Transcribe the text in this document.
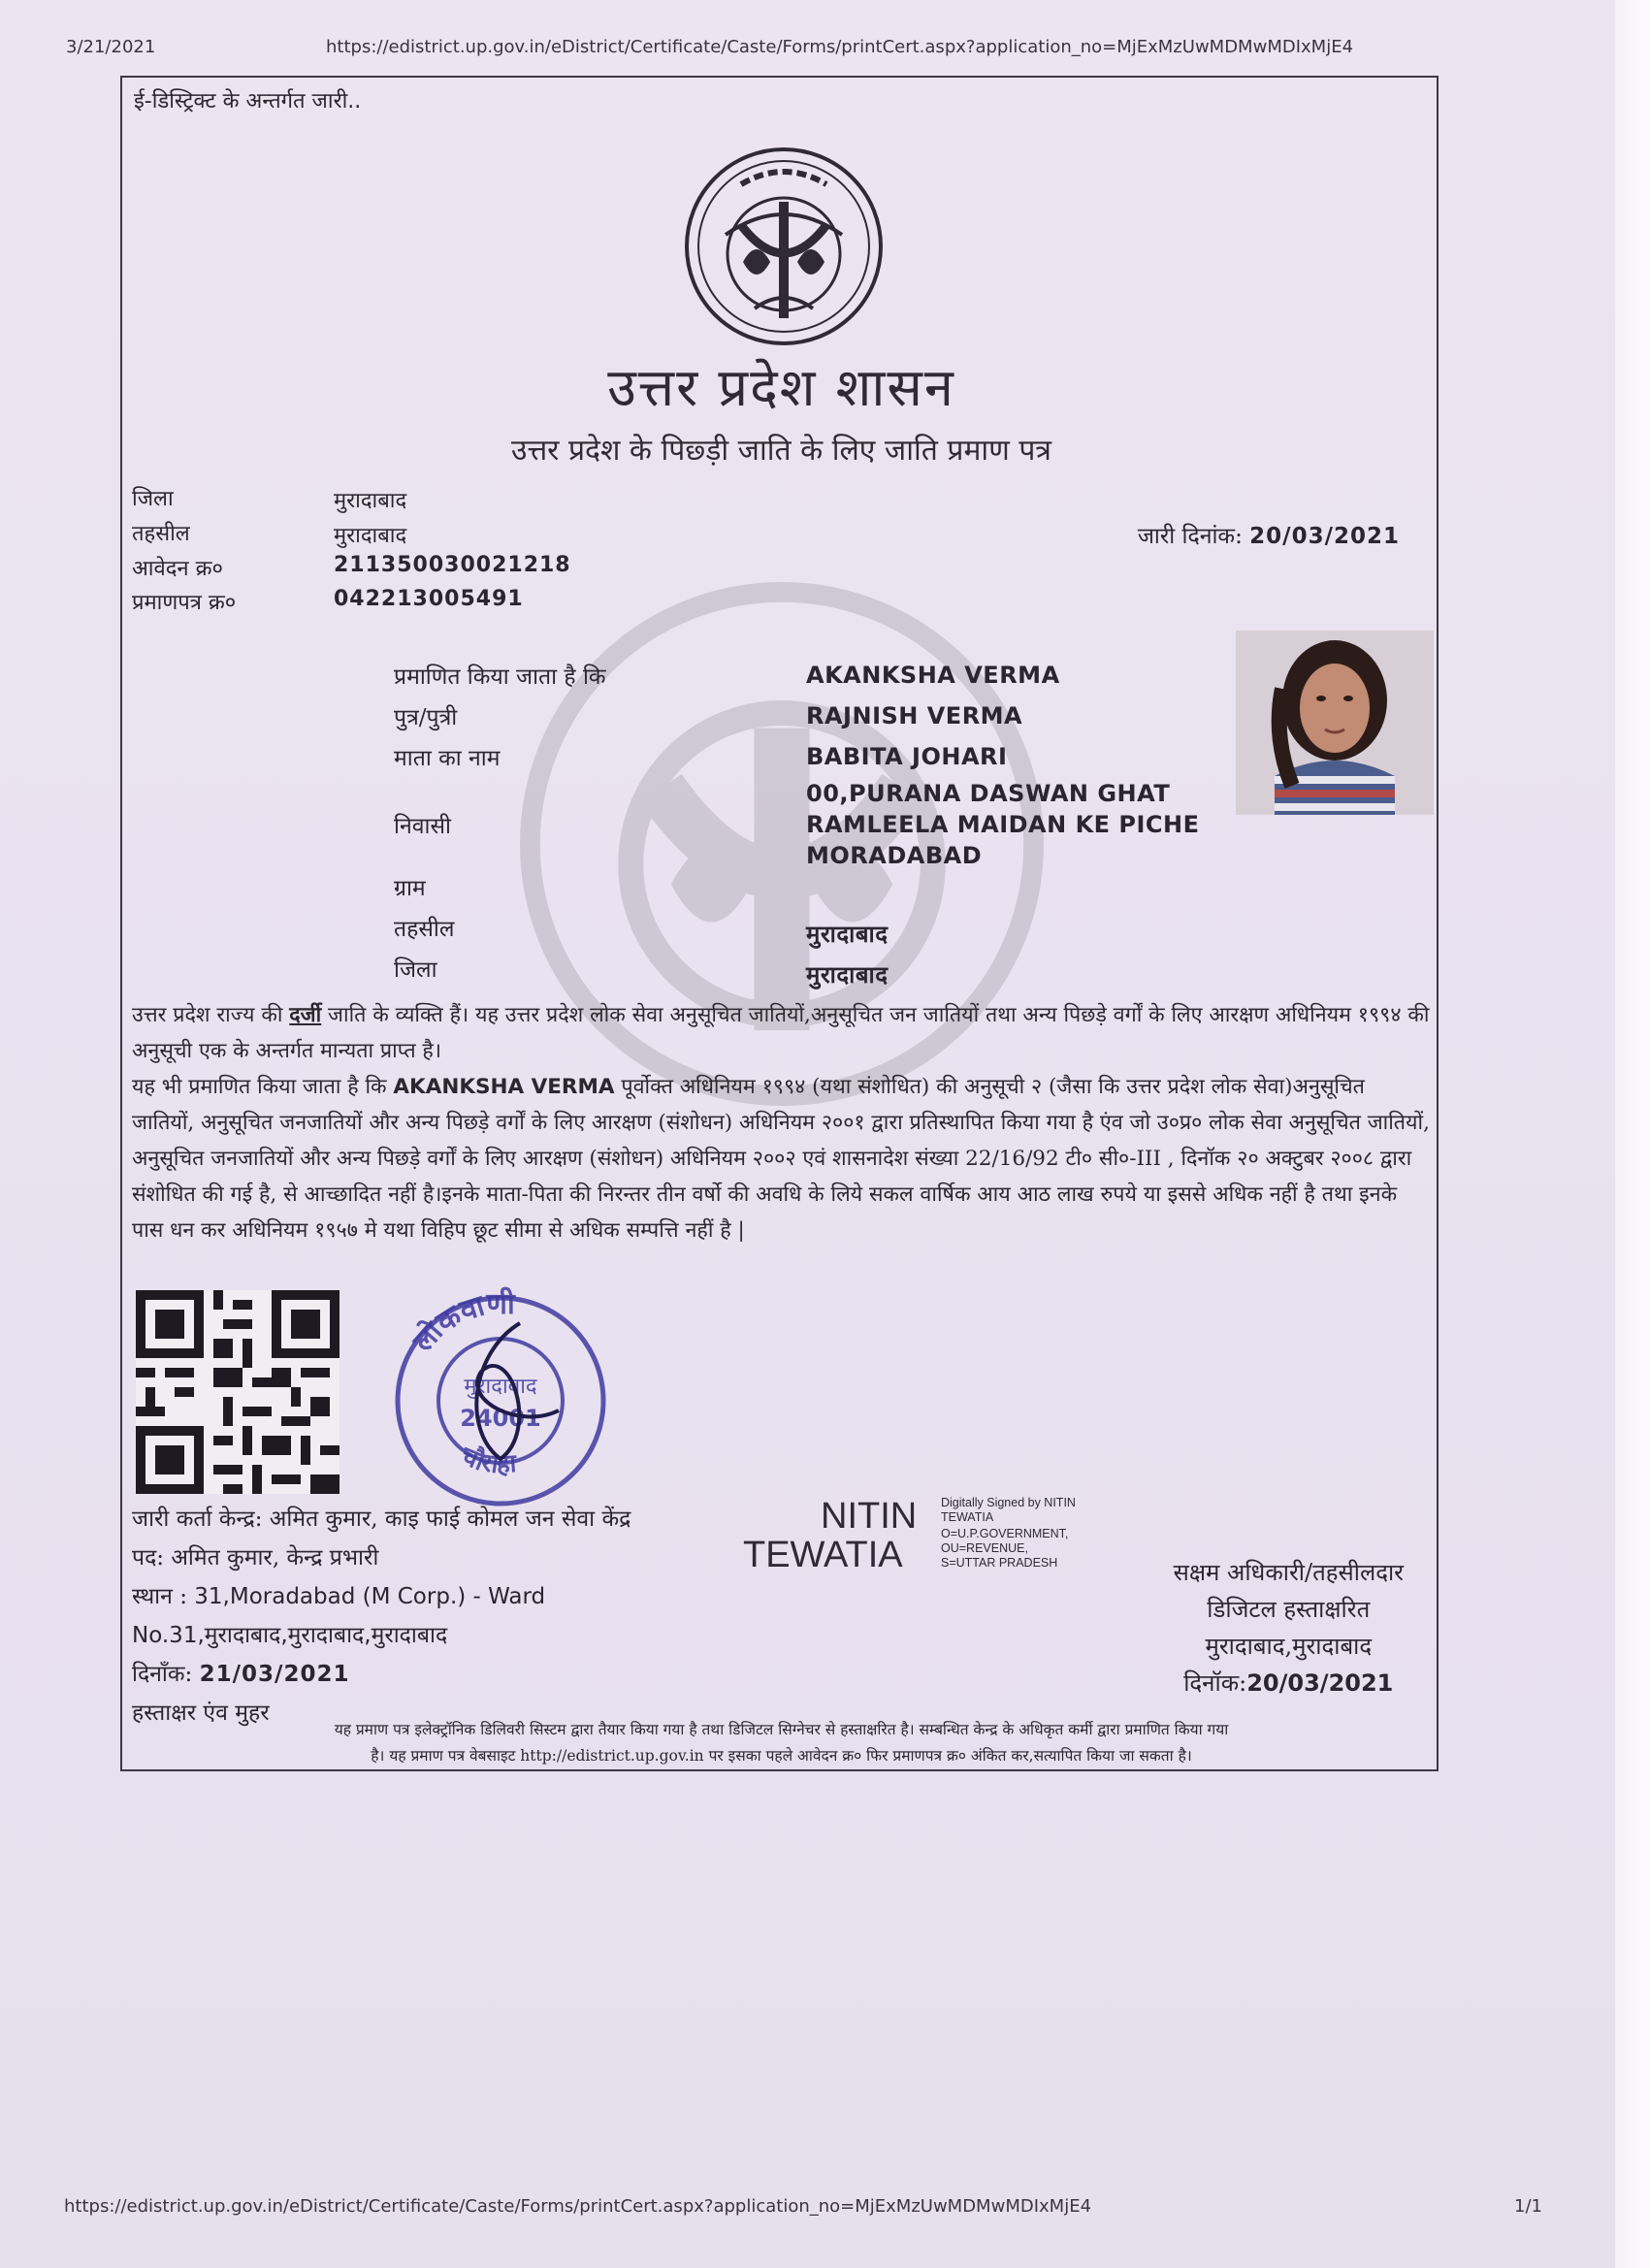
3/21/2021	https://edistrict.up.gov.in/eDistrict/Certificate/Caste/Forms/printCert.aspx?application_no=MjExMzUwMDMwMDIxMjE4
ई-डिस्ट्रिक्ट के अन्तर्गत जारी..
उत्तर प्रदेश शासन
उत्तर प्रदेश के पिछ्ड़ी जाति के लिए जाति प्रमाण पत्र
जिला	मुरादाबाद
तहसील	मुरादाबाद
आवेदन क्र०	211350030021218
प्रमाणपत्र क्र०	042213005491
जारी दिनांक: 20/03/2021
प्रमाणित किया जाता है कि	AKANKSHA VERMA
पुत्र/पुत्री	RAJNISH VERMA
माता का नाम	BABITA JOHARI
निवासी
00,PURANA DASWAN GHAT
RAMLEELA MAIDAN KE PICHE
MORADABAD
ग्राम
तहसील	मुरादाबाद
जिला	मुरादाबाद

उत्तर प्रदेश राज्य की दर्जी जाति के व्यक्ति हैं। यह उत्तर प्रदेश लोक सेवा अनुसूचित जातियों,अनुसूचित जन जातियों तथा अन्य पिछड़े वर्गों के लिए आरक्षण अधिनियम १९९४ की अनुसूची एक के अन्तर्गत मान्यता प्राप्त है।

यह भी प्रमाणित किया जाता है कि AKANKSHA VERMA पूर्वोक्त अधिनियम १९९४ (यथा संशोधित) की अनुसूची २ (जैसा कि उत्तर प्रदेश लोक सेवा)अनुसूचित जातियों, अनुसूचित जनजातियों और अन्य पिछड़े वर्गों के लिए आरक्षण (संशोधन) अधिनियम २००१ द्वारा प्रतिस्थापित किया गया है एंव जो उ०प्र० लोक सेवा अनुसूचित जातियों, अनुसूचित जनजातियों और अन्य पिछड़े वर्गों के लिए आरक्षण (संशोधन) अधिनियम २००२ एवं शासनादेश संख्या 22/16/92 टी० सी०-III , दिनॉक २० अक्टुबर २००८ द्वारा संशोधित की गई है, से आच्छादित नहीं है।इनके माता-पिता की निरन्तर तीन वर्षो की अवधि के लिये सकल वार्षिक आय आठ लाख रुपये या इससे अधिक नहीं है तथा इनके पास धन कर अधिनियम १९५७ मे यथा विहिप छूट सीमा से अधिक सम्पत्ति नहीं है |

लोकवाणी
चौराहा
मुरादाबाद
24001
जारी कर्ता केन्द्र: अमित कुमार, काइ फाई कोमल जन सेवा केंद्र
पद: अमित कुमार, केन्द्र प्रभारी
स्थान : 31,Moradabad (M Corp.) - Ward
No.31,मुरादाबाद,मुरादाबाद,मुरादाबाद
दिनाँक: 21/03/2021
हस्ताक्षर एंव मुहर
NITIN
TEWATIA
Digitally Signed by NITIN
TEWATIA
O=U.P.GOVERNMENT,
OU=REVENUE,
S=UTTAR PRADESH	सक्षम अधिकारी/तहसीलदार
डिजिटल हस्ताक्षरित
मुरादाबाद,मुरादाबाद
दिनॉक:20/03/2021
यह प्रमाण पत्र इलेक्ट्रॉनिक डिलिवरी सिस्टम द्वारा तैयार किया गया है तथा डिजिटल सिग्नेचर से हस्ताक्षरित है। सम्बन्धित केन्द्र के अधिकृत कर्मी द्वारा प्रमाणित किया गया
है। यह प्रमाण पत्र वेबसाइट http://edistrict.up.gov.in पर इसका पहले आवेदन क्र० फिर प्रमाणपत्र क्र० अंकित कर,सत्यापित किया जा सकता है।
https://edistrict.up.gov.in/eDistrict/Certificate/Caste/Forms/printCert.aspx?application_no=MjExMzUwMDMwMDIxMjE4	1/1
